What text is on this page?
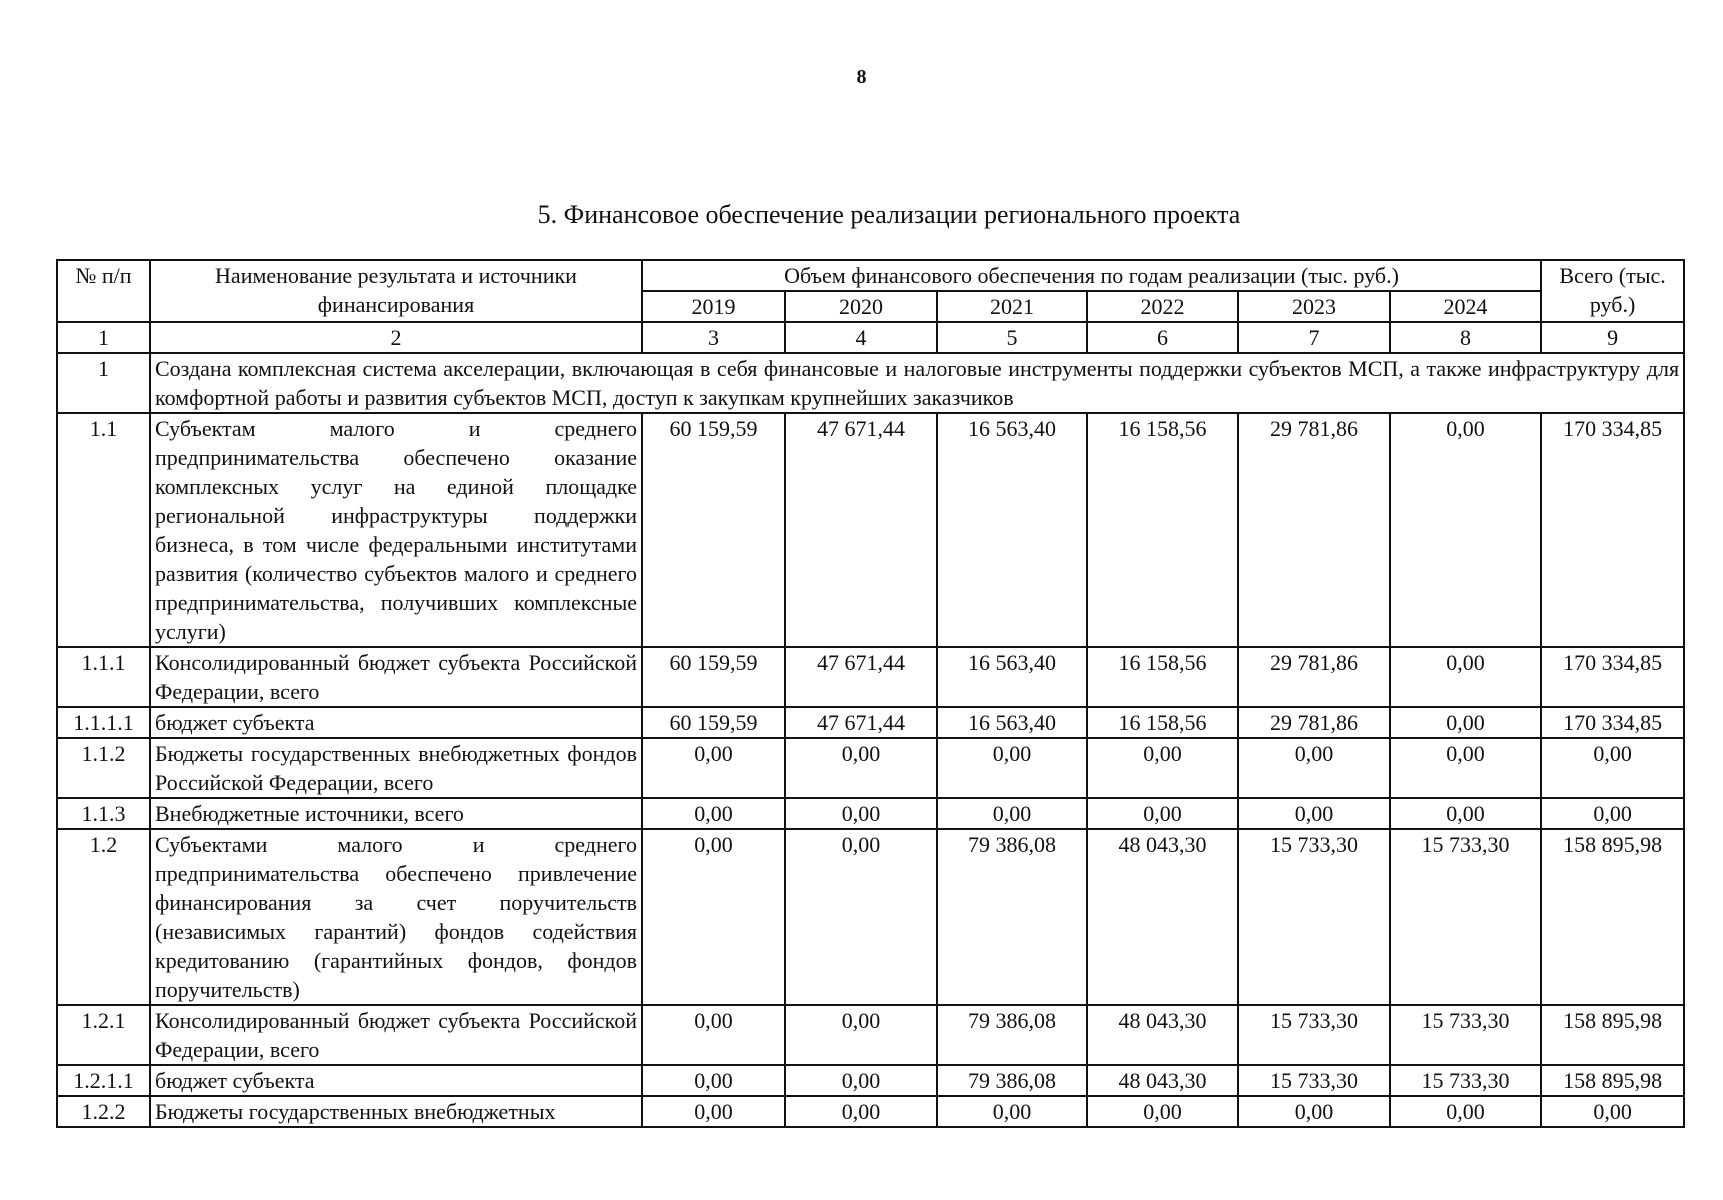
8
5. Финансовое обеспечение реализации регионального проекта
№ п/п	Наименование результата и источники финансирования	Объем финансового обеспечения по годам реализации (тыс. руб.)						Всего (тыс. руб.)
		2019	2020	2021	2022	2023	2024	
1	2	3	4	5	6	7	8	9
1	Создана комплексная система акселерации, включающая в себя финансовые и налоговые инструменты поддержки субъектов МСП, а также инфраструктуру для комфортной работы и развития субъектов МСП, доступ к закупкам крупнейших заказчиков							
1.1	Субъектам малого и среднего предпринимательства обеспечено оказание комплексных услуг на единой площадке региональной инфраструктуры поддержки бизнеса, в том числе федеральными институтами развития (количество субъектов малого и среднего предпринимательства, получивших комплексные услуги)	60 159,59	47 671,44	16 563,40	16 158,56	29 781,86	0,00	170 334,85
1.1.1	Консолидированный бюджет субъекта Российской Федерации, всего	60 159,59	47 671,44	16 563,40	16 158,56	29 781,86	0,00	170 334,85
1.1.1.1	бюджет субъекта	60 159,59	47 671,44	16 563,40	16 158,56	29 781,86	0,00	170 334,85
1.1.2	Бюджеты государственных внебюджетных фондов Российской Федерации, всего	0,00	0,00	0,00	0,00	0,00	0,00	0,00
1.1.3	Внебюджетные источники, всего	0,00	0,00	0,00	0,00	0,00	0,00	0,00
1.2	Субъектами малого и среднего предпринимательства обеспечено привлечение финансирования за счет поручительств (независимых гарантий) фондов содействия кредитованию (гарантийных фондов, фондов поручительств)	0,00	0,00	79 386,08	48 043,30	15 733,30	15 733,30	158 895,98
1.2.1	Консолидированный бюджет субъекта Российской Федерации, всего	0,00	0,00	79 386,08	48 043,30	15 733,30	15 733,30	158 895,98
1.2.1.1	бюджет субъекта	0,00	0,00	79 386,08	48 043,30	15 733,30	15 733,30	158 895,98
1.2.2	Бюджеты государственных внебюджетных	0,00	0,00	0,00	0,00	0,00	0,00	0,00
